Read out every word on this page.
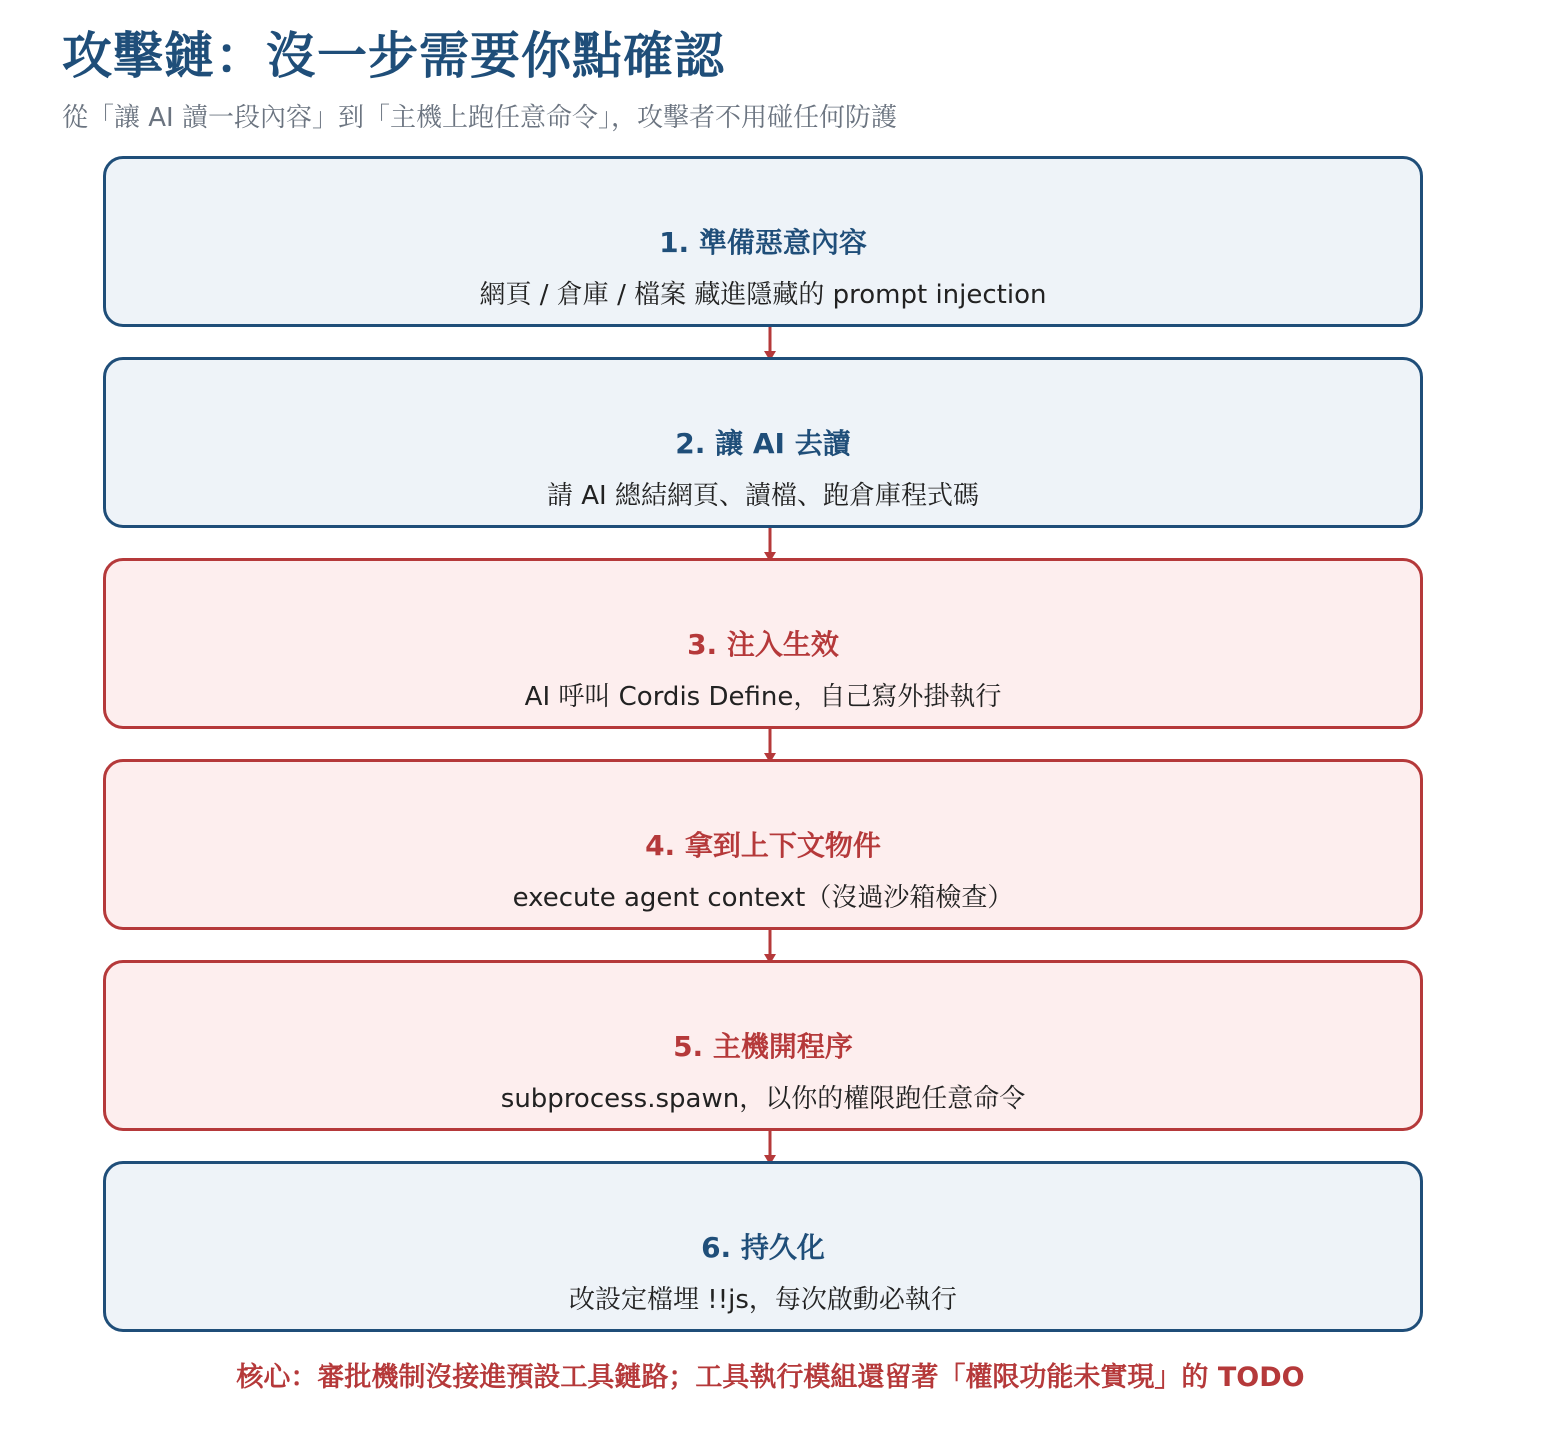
攻擊鏈：沒一步需要你點確認

從「讓 AI 讀一段內容」到「主機上跑任意命令」，攻擊者不用碰任何防護

1. 準備惡意內容
網頁 / 倉庫 / 檔案 藏進隱藏的 prompt injection
2. 讓 AI 去讀
請 AI 總結網頁、讀檔、跑倉庫程式碼
3. 注入生效
AI 呼叫 Cordis Define，自己寫外掛執行
4. 拿到上下文物件
execute agent context（沒過沙箱檢查）
5. 主機開程序
subprocess.spawn，以你的權限跑任意命令
6. 持久化
改設定檔埋 !!js，每次啟動必執行
核心：審批機制沒接進預設工具鏈路；工具執行模組還留著「權限功能未實現」的 TODO
